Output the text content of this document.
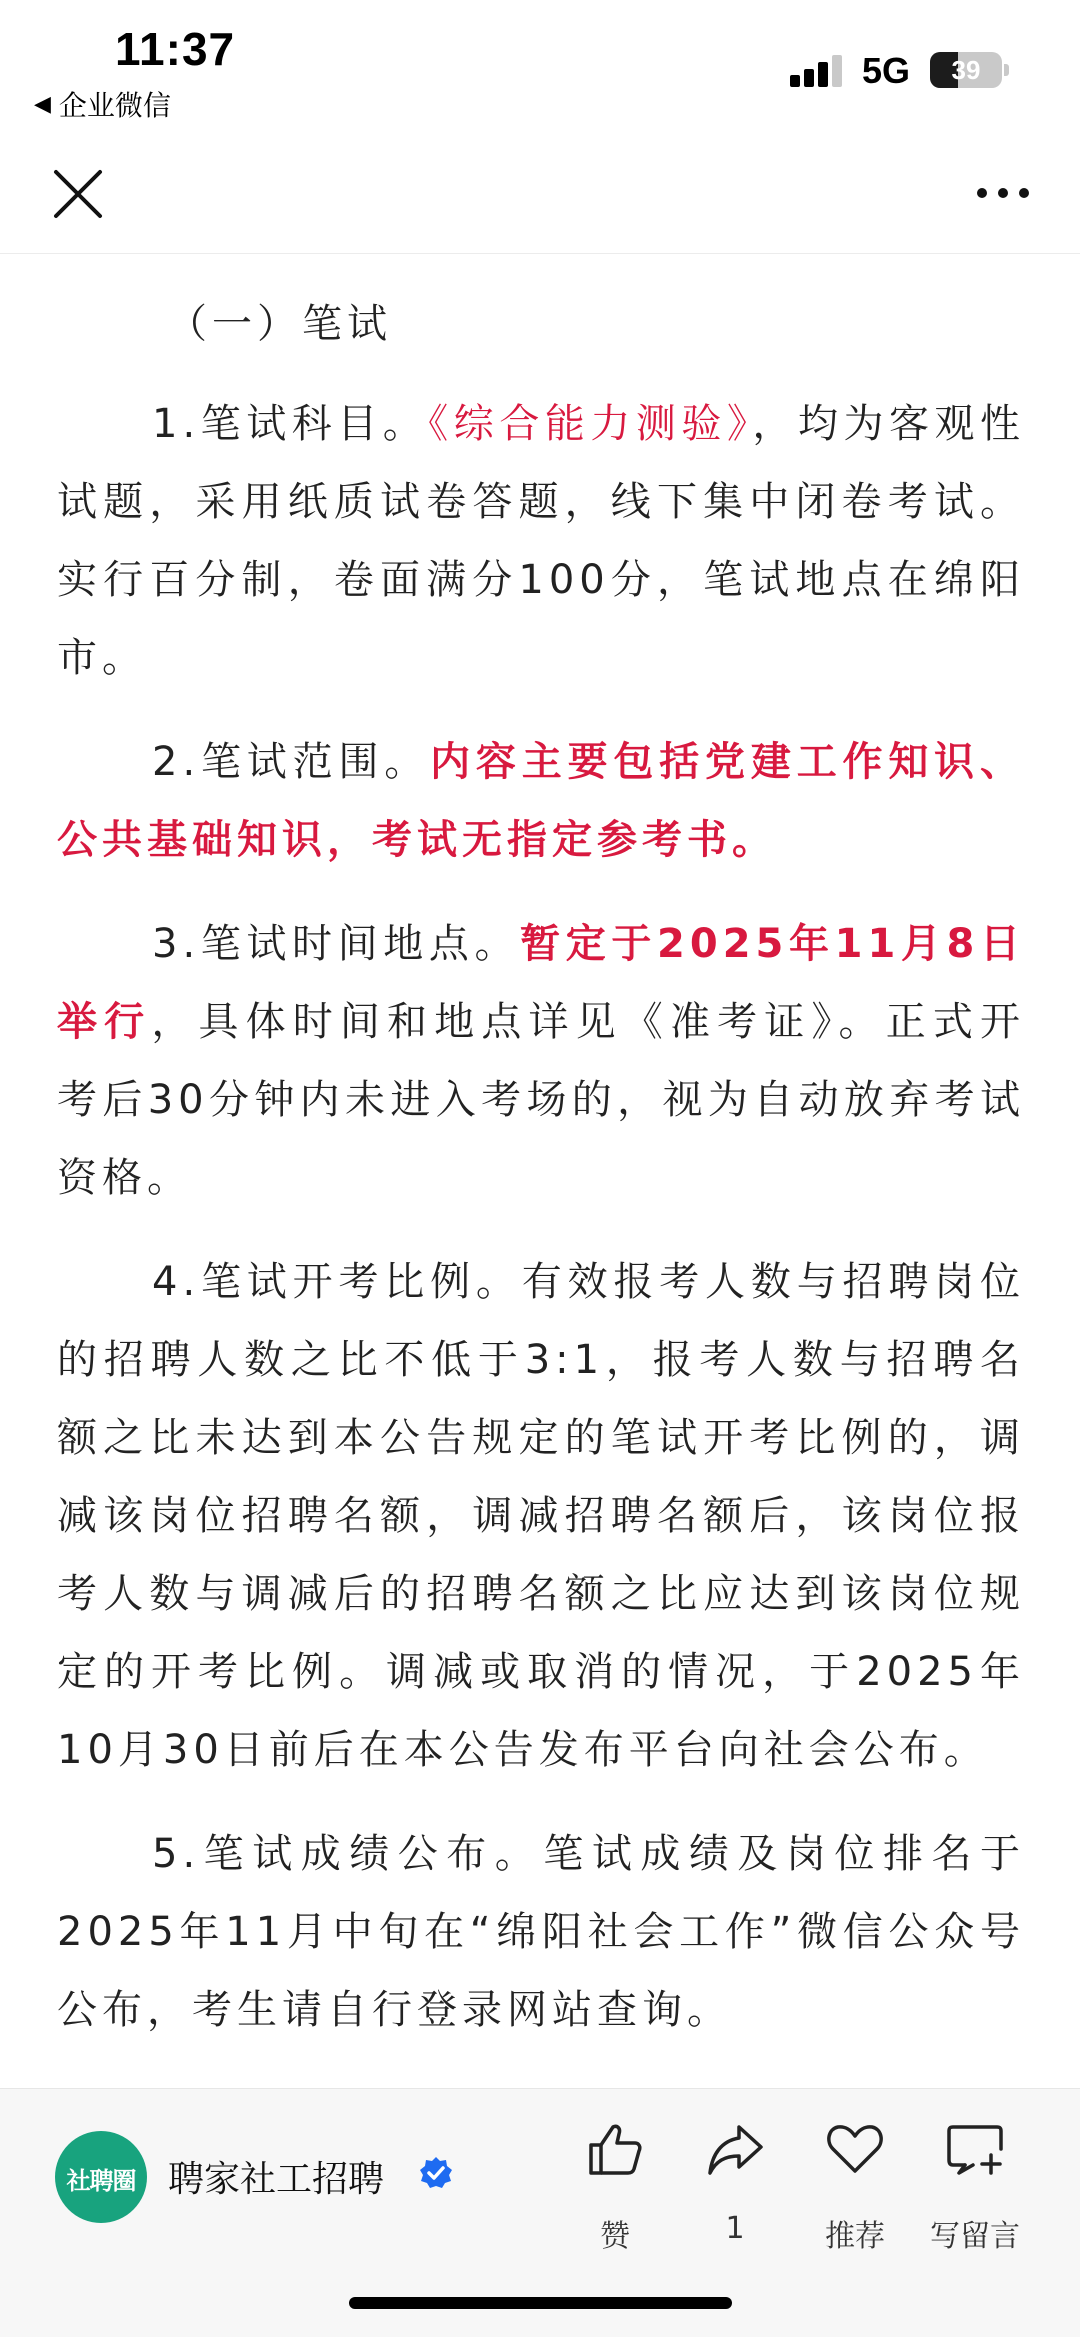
11:37
◀ 企业微信
5G	39

（一）笔试

1.笔试科目。《综合能力测验》，均为客观性试题，采用纸质试卷答题，线下集中闭卷考试。实行百分制，卷面满分100分，笔试地点在绵阳市。

2.笔试范围。内容主要包括党建工作知识、公共基础知识，考试无指定参考书。

3.笔试时间地点。暂定于2025年11月8日举行，具体时间和地点详见《准考证》。正式开考后30分钟内未进入考场的，视为自动放弃考试资格。

4.笔试开考比例。有效报考人数与招聘岗位的招聘人数之比不低于3:1，报考人数与招聘名额之比未达到本公告规定的笔试开考比例的，调减该岗位招聘名额，调减招聘名额后，该岗位报考人数与调减后的招聘名额之比应达到该岗位规定的开考比例。调减或取消的情况，于2025年10月30日前后在本公告发布平台向社会公布。

5.笔试成绩公布。笔试成绩及岗位排名于2025年11月中旬在“绵阳社会工作”微信公众号公布，考生请自行登录网站查询。

社聘圈 聘家社工招聘
赞	1	推荐	写留言
